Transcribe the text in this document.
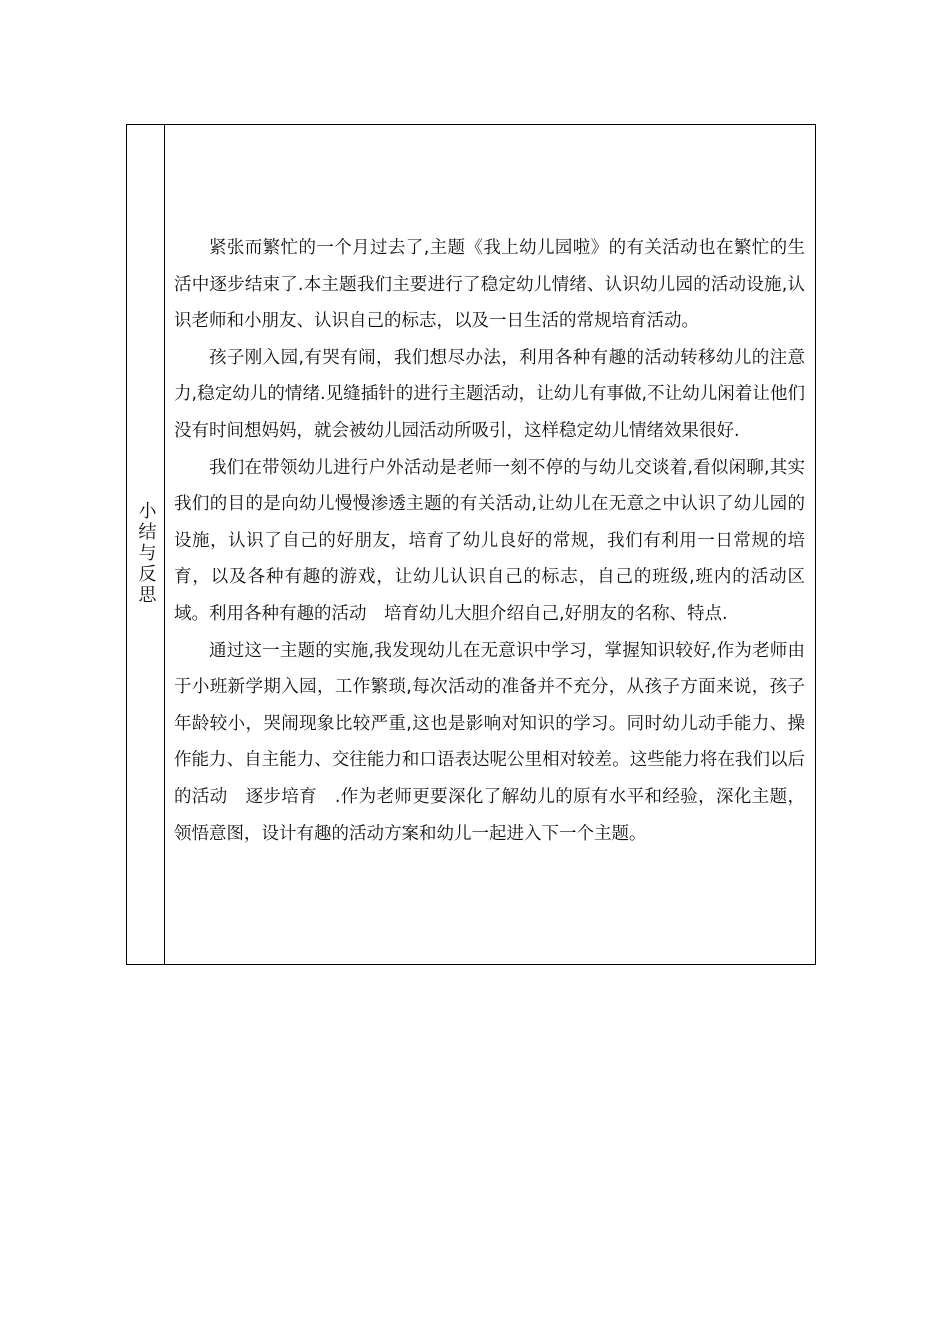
小结与反思

紧张而繁忙的一个月过去了,主题《我上幼儿园啦》的有关活动也在繁忙的生活中逐步结束了.本主题我们主要进行了稳定幼儿情绪、认识幼儿园的活动设施,认识老师和小朋友、认识自己的标志，以及一日生活的常规培育活动。

孩子刚入园,有哭有闹，我们想尽办法，利用各种有趣的活动转移幼儿的注意力,稳定幼儿的情绪.见缝插针的进行主题活动，让幼儿有事做,不让幼儿闲着让他们没有时间想妈妈，就会被幼儿园活动所吸引，这样稳定幼儿情绪效果很好.

我们在带领幼儿进行户外活动是老师一刻不停的与幼儿交谈着,看似闲聊,其实我们的目的是向幼儿慢慢渗透主题的有关活动,让幼儿在无意之中认识了幼儿园的设施，认识了自己的好朋友，培育了幼儿良好的常规，我们有利用一日常规的培育，以及各种有趣的游戏，让幼儿认识自己的标志，自己的班级,班内的活动区域。利用各种有趣的活动　培育幼儿大胆介绍自己,好朋友的名称、特点.

通过这一主题的实施,我发现幼儿在无意识中学习，掌握知识较好,作为老师由于小班新学期入园，工作繁琐,每次活动的准备并不充分，从孩子方面来说，孩子年龄较小，哭闹现象比较严重,这也是影响对知识的学习。同时幼儿动手能力、操作能力、自主能力、交往能力和口语表达呢公里相对较差。这些能力将在我们以后的活动　逐步培育　.作为老师更要深化了解幼儿的原有水平和经验，深化主题，领悟意图，设计有趣的活动方案和幼儿一起进入下一个主题。
